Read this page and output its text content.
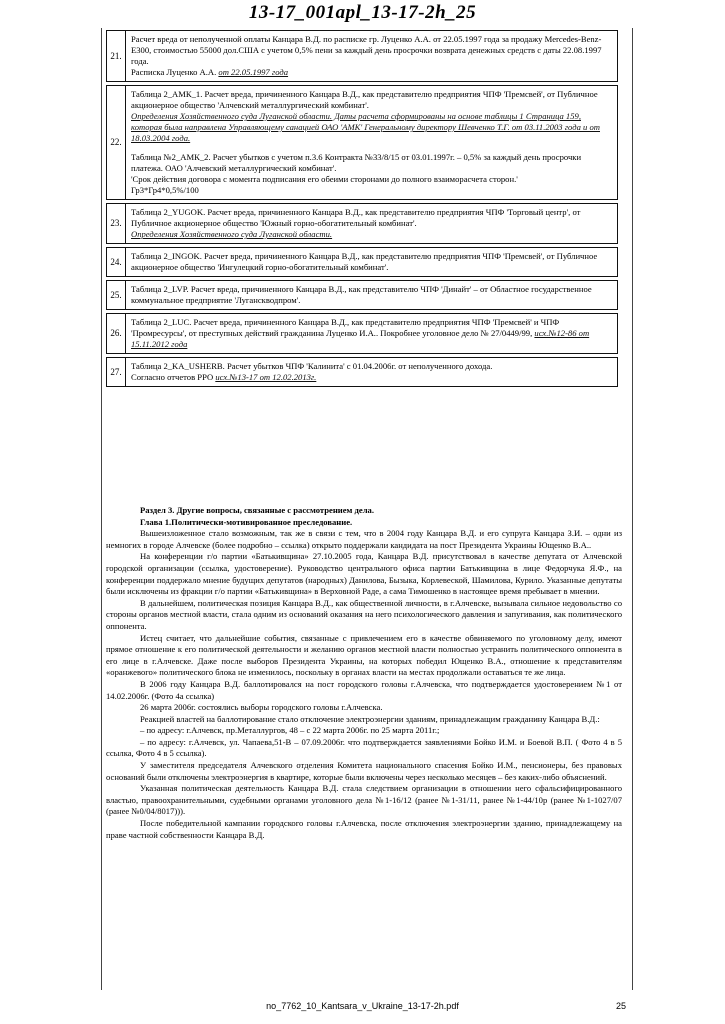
13-17_001apl_13-17-2h_25
21.	Расчет вреда от неполученной оплаты Канцара В.Д. по расписке гр. Луценко А.А. от 22.05.1997 года за продажу Mercedes-Benz-E300, стоимостью 55000 дол.США с учетом 0,5% пени за каждый день просрочки возврата денежных средств с даты 22.08.1997 года.
Расписка Луценко А.А. от 22.05.1997 года

22.	Таблица 2_АМК_1. Расчет вреда, причиненного Канцара В.Д., как представителю предприятия ЧПФ 'Премсвей', от Публичное акционерное общество 'Алчевский металлургический комбинат'.
Определения Хозяйственного суда Луганской области. Даты расчета сформированы на основе таблицы 1 Страница 159, которая была направлена Управляющему санацией ОАО 'АМК' Генеральному директору Шевченко Т.Г. от 03.11.2003 года и от 18.03.2004 года.
Таблица №2_АМК_2. Расчет убытков с учетом п.3.6 Контракта №33/8/15 от 03.01.1997г. – 0,5% за каждый день просрочки платежа. ОАО 'Алчевский металлургический комбинат'.
'Срок действия договора с момента подписания его обеими сторонами до полного взаиморасчета сторон.'
Гр3*Гр4*0,5%/100

23.	Таблица 2_YUGOK. Расчет вреда, причиненного Канцара В.Д., как представителю предприятия ЧПФ 'Торговый центр', от Публичное акционерное общество 'Южный горно-обогатительный комбинат'.
Определения Хозяйственного суда Луганской области.

24.	Таблица 2_INGOK. Расчет вреда, причиненного Канцара В.Д., как представителю предприятия ЧПФ 'Премсвей', от Публичное акционерное общество 'Ингулецкий горно-обогатительный комбинат'.

25.	Таблица 2_LVP. Расчет вреда, причиненного Канцара В.Д., как представителю ЧПФ 'Динайт' – от Областное государственное коммунальное предприятие 'Луганскводпром'.

26.	Таблица 2_LUC. Расчет вреда, причиненного Канцара В.Д., как представителю предприятия ЧПФ 'Премсвей' и ЧПФ 'Промресурсы', от преступных действий гражданина Луценко И.А.. Покробнее уголовное дело № 27/0449/99, исх.№12-86 от 15.11.2012 года

27.	Таблица 2_KA_USHERB. Расчет убытков ЧПФ 'Калинита' с 01.04.2006г. от неполученного дохода.
Согласно отчетов РРО исх.№13-17 от 12.02.2013г.

Раздел 3. Другие вопросы, связанные с рассмотрением дела.

Глава 1.Политически-мотивированное преследование.

Вышеизложенное стало возможным, так же в связи с тем, что в 2004 году Канцара В.Д. и его супруга Канцара З.И. – одни из немногих в городе Алчевске (более подробно – ссылка) открыто поддержали кандидата на пост Президента Украины Ющенко В.А..

На конференции г/о партии «Батькивщина» 27.10.2005 года, Канцара В.Д. присутствовал в качестве депутата от Алчевской городской организации (ссылка, удостоверение). Руководство центрального офиса партии Батькивщина в лице Федорчука Я.Ф., на конференции поддержало мнение будущих депутатов (народных) Данилова, Бызыка, Корлевеской, Шамилова, Курило. Указанные депутаты были исключены из фракции г/о партии «Батькивщина» в Верховной Раде, а сама Тимошенко в настоящее время пребывает в мнении.

В дальнейшем, политическая позиция Канцара В.Д., как общественной личности, в г.Алчевске, вызывала сильное недовольство со стороны органов местной власти, стала одним из оснований оказания на него психологического давления и запугивания, как политического оппонента.

Истец считает, что дальнейшие события, связанные с привлечением его в качестве обвиняемого по уголовному делу, имеют прямое отношение к его политической деятельности и желанию органов местной власти полностью устранить политического оппонента в его лице в г.Алчевске. Даже после выборов Президента Украины, на которых победил Ющенко В.А., отношение к представителям «оранжевого» политического блока не изменилось, поскольку в органах власти на местах продолжали оставаться те же лица.

В 2006 году Канцара В.Д. баллотировался на пост городского головы г.Алчевска, что подтверждается удостоверением №1 от 14.02.2006г. (Фото 4а ссылка)

26 марта 2006г. состоялись выборы городского головы г.Алчевска.

Реакцией властей на баллотирование стало отключение электроэнергии зданиям, принадлежащим гражданину Канцара В.Д.:

– по адресу: г.Алчевск, пр.Металлургов, 48 – с 22 марта 2006г. по 25 марта 2011г.;

– по адресу: г.Алчевск, ул. Чапаева,51-В – 07.09.2006г. что подтверждается заявлениями Бойко И.М. и Боевой В.П. ( Фото 4 в 5 ссылка, Фото 4 в 5 ссылка).

У заместителя председателя Алчевского отделения Комитета национального спасения Бойко И.М., пенсионеры, без правовых оснований были отключены электроэнергия в квартире, которые были включены через несколько месяцев – без каких-либо объяснений.

Указанная политическая деятельность Канцара В.Д. стала следствием организации в отношении него сфальсифицированного властью, правоохранительными, судебными органами уголовного дела №1-16/12 (ранее №1-31/11, ранее №1-44/10р (ранее №1-1027/07 (ранее №0/04/8017))).

После победительной кампании городского головы г.Алчевска, после отключения электроэнергии зданию, принадлежащему на праве частной собственности Канцара В.Д.

no_7762_10_Kantsara_v_Ukraine_13-17-2h.pdf	25
